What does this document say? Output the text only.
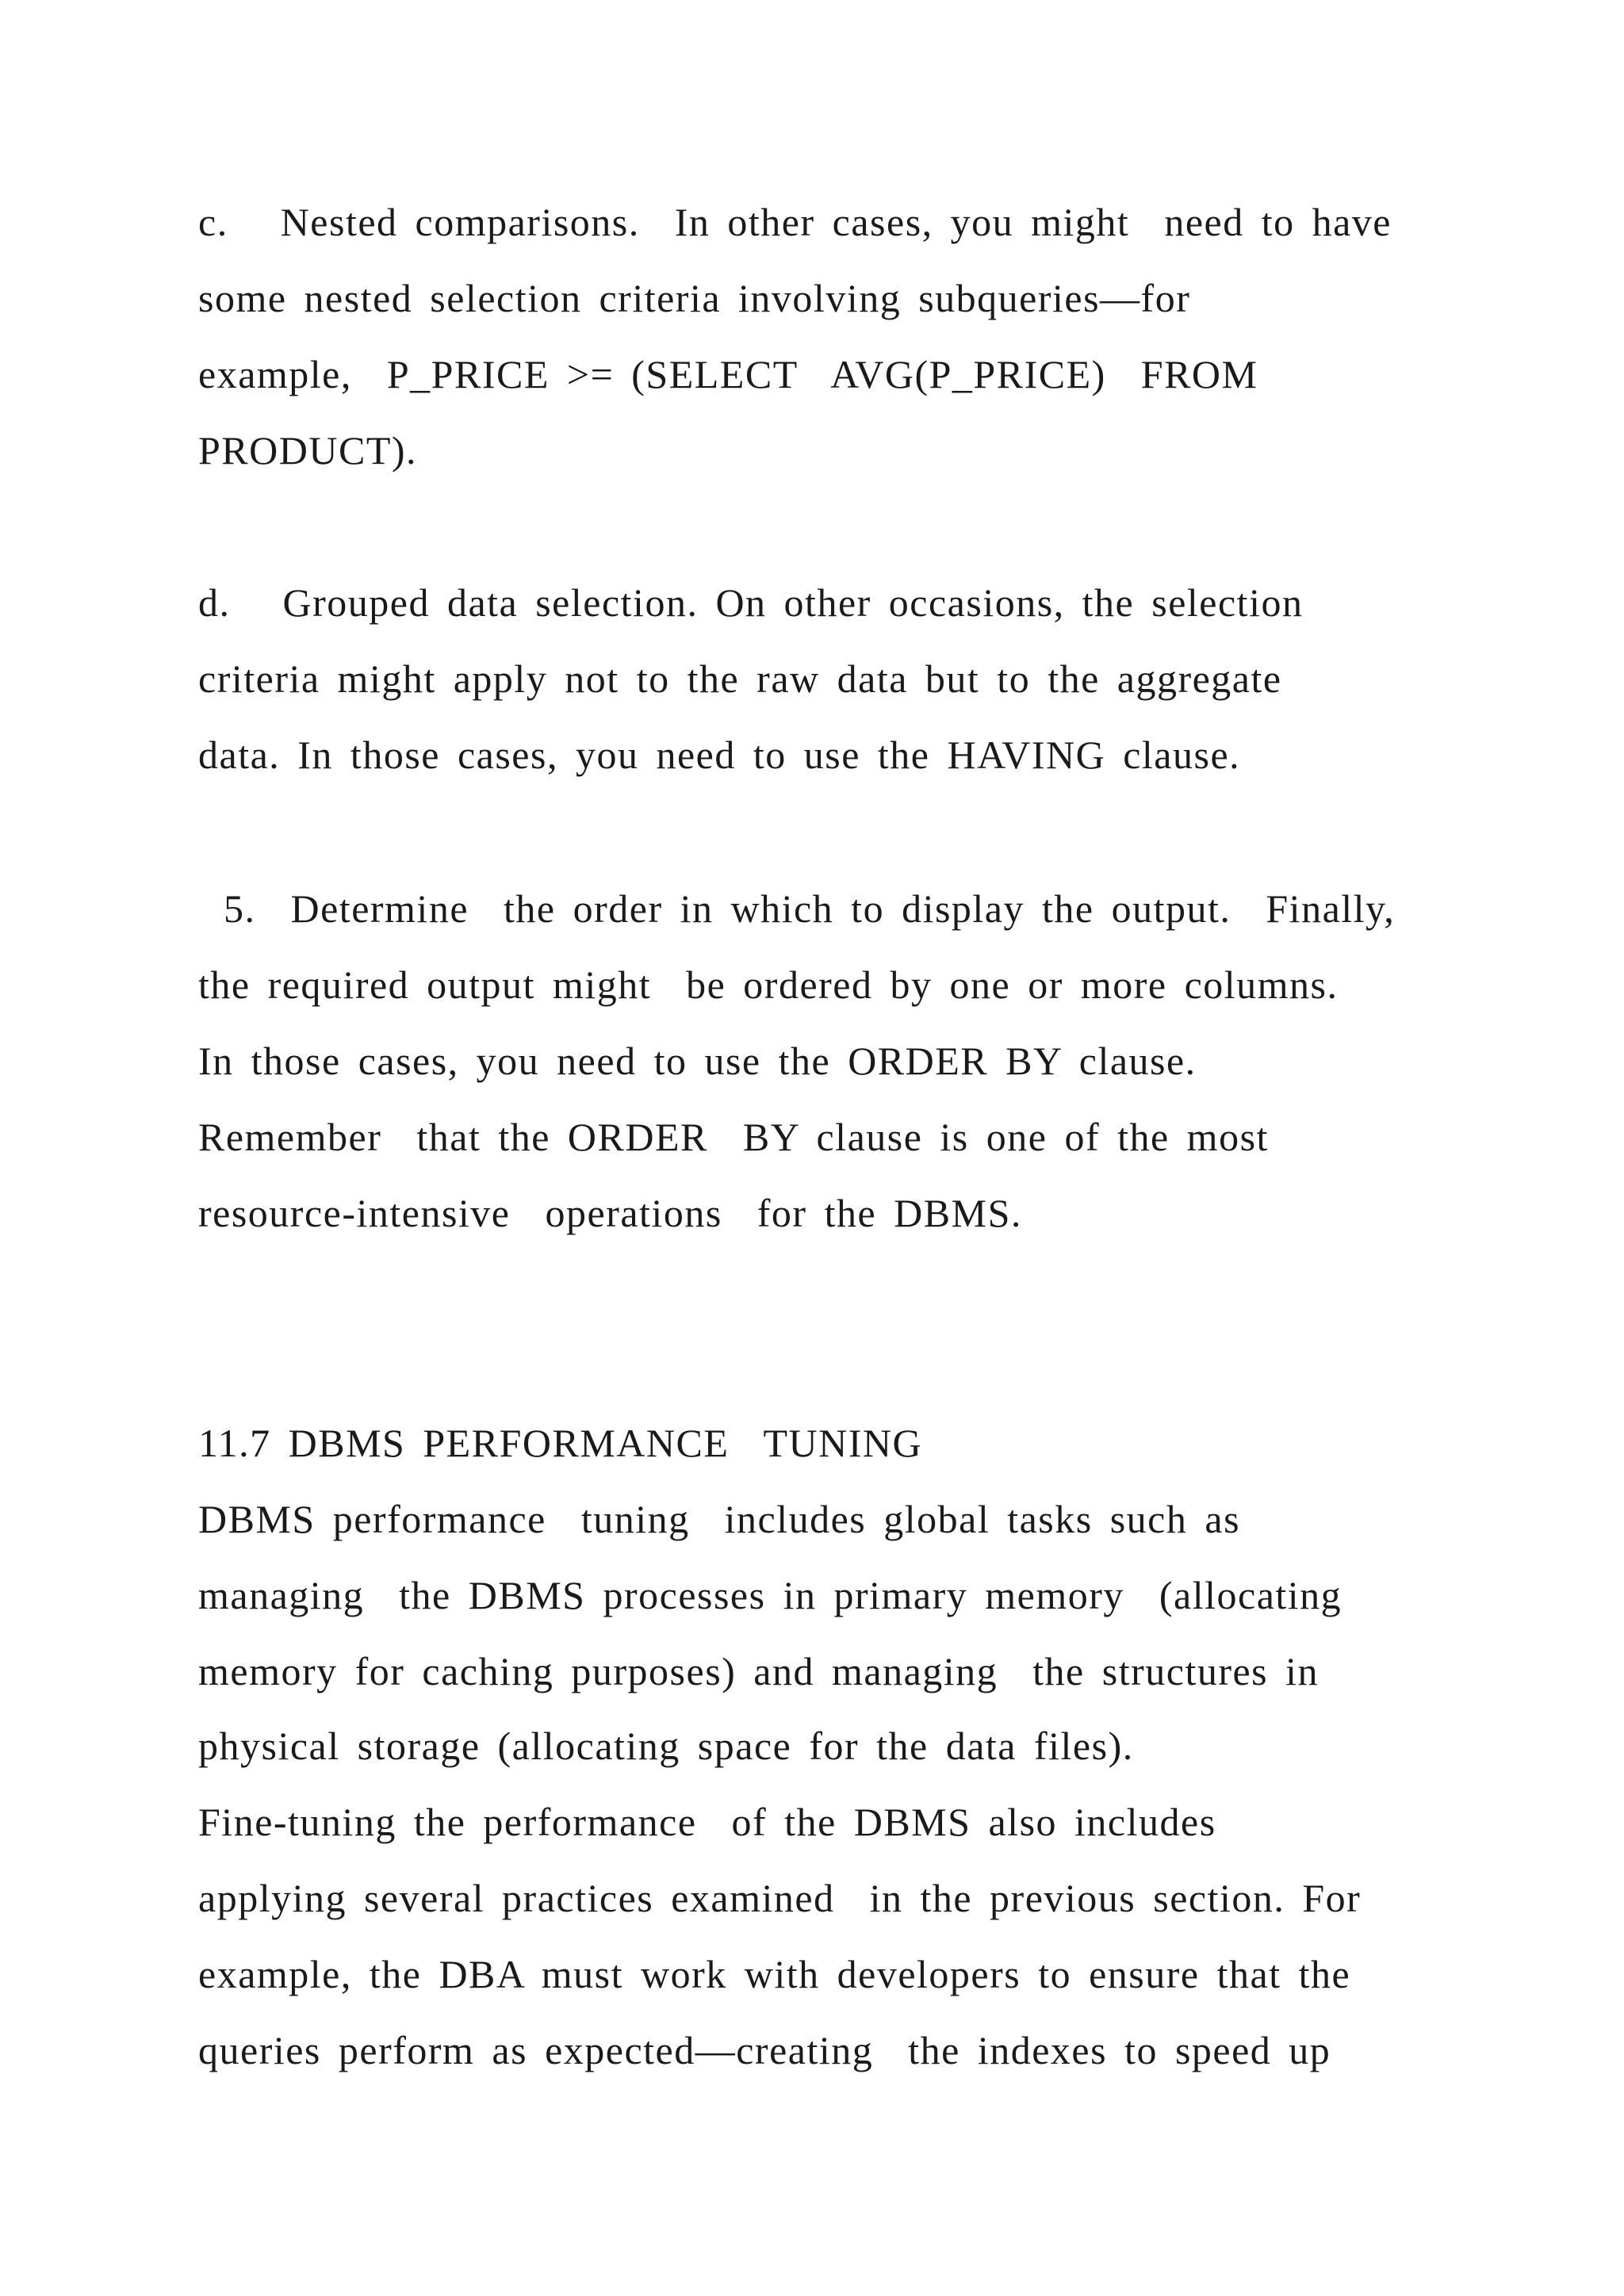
c.   Nested comparisons.  In other cases, you might  need to have
some nested selection criteria involving subqueries—for
example,  P_PRICE >= (SELECT  AVG(P_PRICE)  FROM
PRODUCT).
d.   Grouped data selection. On other occasions, the selection
criteria might apply not to the raw data but to the aggregate
data. In those cases, you need to use the HAVING clause.
5.  Determine  the order in which to display the output.  Finally,
the required output might  be ordered by one or more columns.
In those cases, you need to use the ORDER BY clause.
Remember  that the ORDER  BY clause is one of the most
resource-intensive  operations  for the DBMS.
11.7 DBMS PERFORMANCE  TUNING
DBMS performance  tuning  includes global tasks such as
managing  the DBMS processes in primary memory  (allocating
memory for caching purposes) and managing  the structures in
physical storage (allocating space for the data files).
Fine-tuning the performance  of the DBMS also includes
applying several practices examined  in the previous section. For
example, the DBA must work with developers to ensure that the
queries perform as expected—creating  the indexes to speed up
